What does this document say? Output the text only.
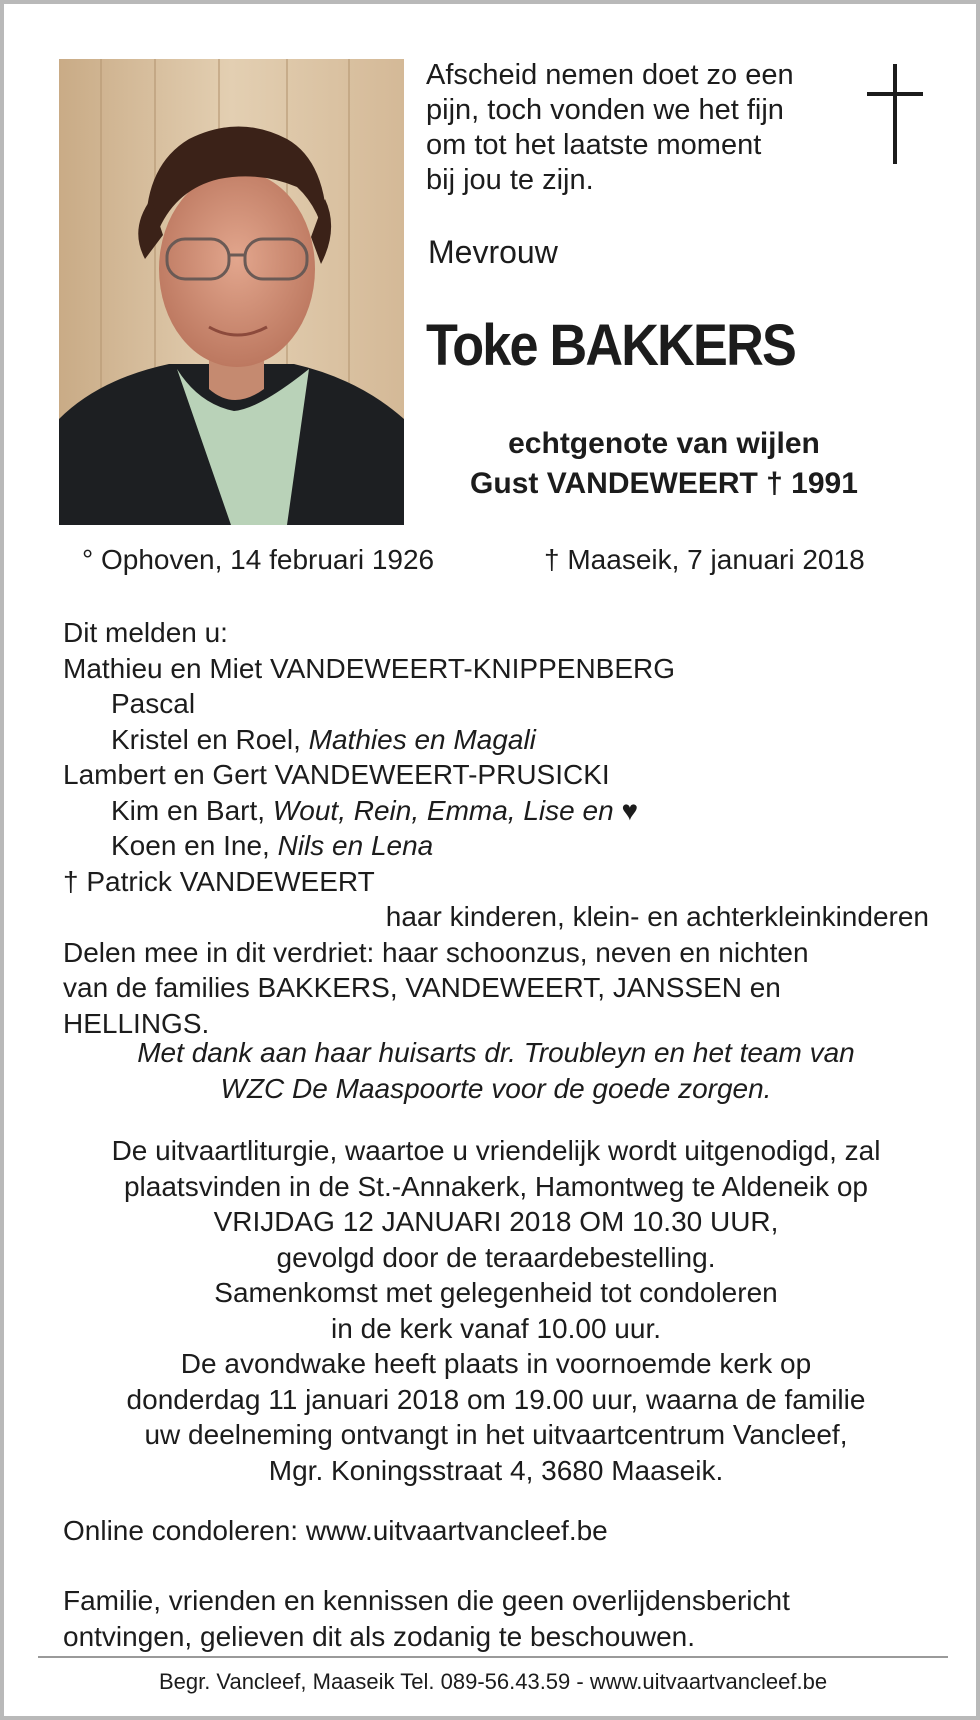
Afscheid nemen doet zo een
pijn, toch vonden we het fijn
om tot het laatste moment
bij jou te zijn.
Mevrouw
Toke BAKKERS
echtgenote van wijlen
Gust VANDEWEERT † 1991
° Ophoven, 14 februari 1926	† Maaseik, 7 januari 2018
Dit melden u:
Mathieu en Miet VANDEWEERT-KNIPPENBERG
Pascal
Kristel en Roel, Mathies en Magali
Lambert en Gert VANDEWEERT-PRUSICKI
Kim en Bart, Wout, Rein, Emma, Lise en ♥
Koen en Ine, Nils en Lena
† Patrick VANDEWEERT
haar kinderen, klein- en achterkleinkinderen
Delen mee in dit verdriet: haar schoonzus, neven en nichten
van de families BAKKERS, VANDEWEERT, JANSSEN en
HELLINGS.
Met dank aan haar huisarts dr. Troubleyn en het team van
WZC De Maaspoorte voor de goede zorgen.
De uitvaartliturgie, waartoe u vriendelijk wordt uitgenodigd, zal
plaatsvinden in de St.-Annakerk, Hamontweg te Aldeneik op
VRIJDAG 12 JANUARI 2018 OM 10.30 UUR,
gevolgd door de teraardebestelling.
Samenkomst met gelegenheid tot condoleren
in de kerk vanaf 10.00 uur.
De avondwake heeft plaats in voornoemde kerk op
donderdag 11 januari 2018 om 19.00 uur, waarna de familie
uw deelneming ontvangt in het uitvaartcentrum Vancleef,
Mgr. Koningsstraat 4, 3680 Maaseik.
Online condoleren: www.uitvaartvancleef.be
Familie, vrienden en kennissen die geen overlijdensbericht
ontvingen, gelieven dit als zodanig te beschouwen.
Begr. Vancleef, Maaseik Tel. 089-56.43.59 - www.uitvaartvancleef.be
